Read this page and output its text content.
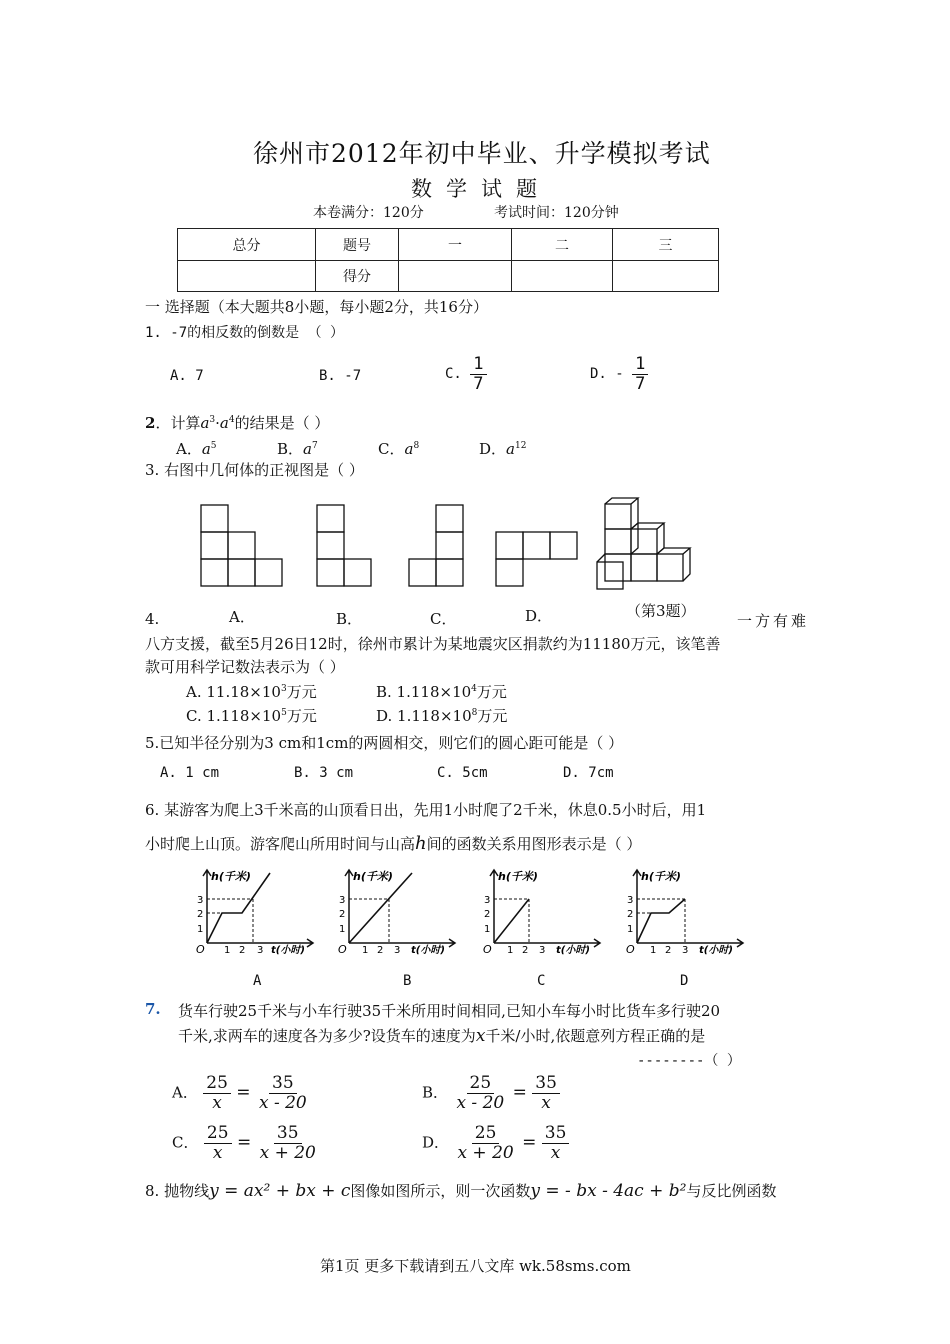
徐州市2012年初中毕业、升学模拟考试
数学试题
本卷满分：120分	考试时间：120分钟
总分	题号	一	二	三
	得分			
一 选择题（本大题共8小题，每小题2分，共16分）
1. -7的相反数的倒数是 （ ）
A. 7	B. -7	C. $\frac{1}{7}$	D. - $\frac{1}{7}$
2．计算$a^3\cdot a^4$的结果是（ ）
A．$a^5$	B．$a^7$	C．$a^8$	D．$a^{12}$
3. 右图中几何体的正视图是（ ）
A．	B．	C．	D．	（第3题）
4.	一方有难
八方支援，截至5月26日12时，徐州市累计为某地震灾区捐款约为11180万元，该笔善
款可用科学记数法表示为（ ）
A. $11.18\times 10^3$万元	B. $1.118\times 10^4$万元
C. $1.118\times 10^5$万元	D. $1.118\times 10^8$万元
5.已知半径分别为3 cm和1cm的两圆相交，则它们的圆心距可能是（ ）
A. 1 cm	B. 3 cm	C. 5cm	D. 7cm
6. 某游客为爬上3千米高的山顶看日出，先用1小时爬了2千米，休息0.5小时后，用1
小时爬上山顶。游客爬山所用时间与山高h间的函数关系用图形表示是（ ）
h(千米)
O
1
2
3
1 2 3 t(小时)
h(千米)
O
1
2
3
1 2 3 t(小时)
h(千米)
O
1
2
3
1 2 3 t(小时)
h(千米)
O
1
2
3
1 2 3 t(小时)
A	B	C	D
7. 货车行驶25千米与小车行驶35千米所用时间相同,已知小车每小时比货车多行驶20
千米,求两车的速度各为多少?设货车的速度为x千米/小时,依题意列方程正确的是
--------（ ）
A． $\frac{25}{x} = \frac{35}{x - 20}$	B． $\frac{25}{x - 20} = \frac{35}{x}$
C． $\frac{25}{x} = \frac{35}{x + 20}$	D． $\frac{25}{x + 20} = \frac{35}{x}$
8. 抛物线y = ax² + bx + c图像如图所示，则一次函数y = - bx - 4ac + b²与反比例函数
第1页 更多下载请到五八文库 wk.58sms.com
